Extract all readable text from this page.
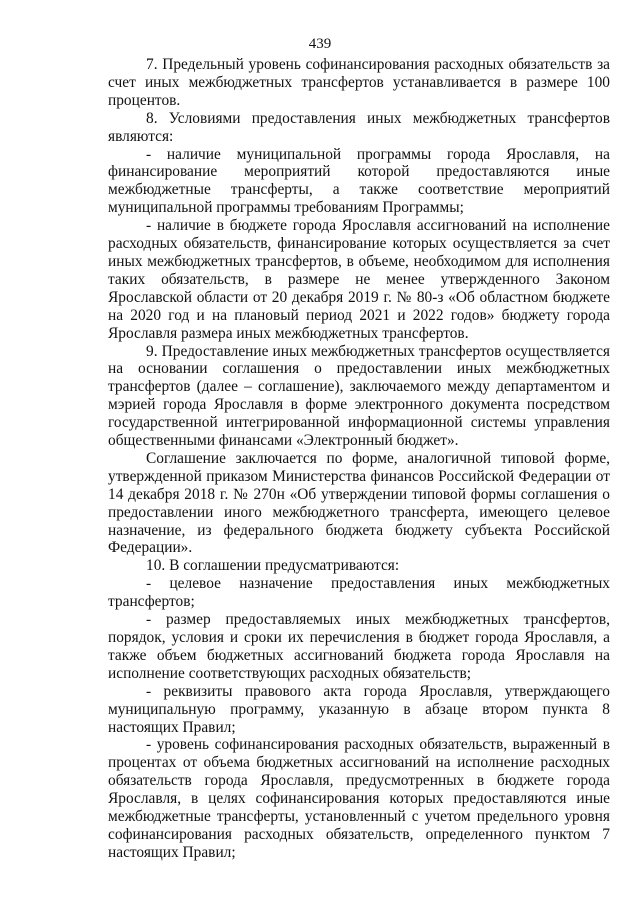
439

7. Предельный уровень софинансирования расходных обязательств за счет иных межбюджетных трансфертов устанавливается в размере 100 процентов.

8. Условиями предоставления иных межбюджетных трансфертов являются:

- наличие муниципальной программы города Ярославля, на финансирование мероприятий которой предоставляются иные межбюджетные трансферты, а также соответствие мероприятий муниципальной программы требованиям Программы;

- наличие в бюджете города Ярославля ассигнований на исполнение расходных обязательств, финансирование которых осуществляется за счет иных межбюджетных трансфертов, в объеме, необходимом для исполнения таких обязательств, в размере не менее утвержденного Законом Ярославской области от 20 декабря 2019 г. № 80-з «Об областном бюджете на 2020 год и на плановый период 2021 и 2022 годов» бюджету города Ярославля размера иных межбюджетных трансфертов.

9. Предоставление иных межбюджетных трансфертов осуществляется на основании соглашения о предоставлении иных межбюджетных трансфертов (далее – соглашение), заключаемого между департаментом и мэрией города Ярославля в форме электронного документа посредством государственной интегрированной информационной системы управления общественными финансами «Электронный бюджет».

Соглашение заключается по форме, аналогичной типовой форме, утвержденной приказом Министерства финансов Российской Федерации от 14 декабря 2018 г. № 270н «Об утверждении типовой формы соглашения о предоставлении иного межбюджетного трансферта, имеющего целевое назначение, из федерального бюджета бюджету субъекта Российской Федерации».

10. В соглашении предусматриваются:

- целевое назначение предоставления иных межбюджетных трансфертов;

- размер предоставляемых иных межбюджетных трансфертов, порядок, условия и сроки их перечисления в бюджет города Ярославля, а также объем бюджетных ассигнований бюджета города Ярославля на исполнение соответствующих расходных обязательств;

- реквизиты правового акта города Ярославля, утверждающего муниципальную программу, указанную в абзаце втором пункта 8 настоящих Правил;

- уровень софинансирования расходных обязательств, выраженный в процентах от объема бюджетных ассигнований на исполнение расходных обязательств города Ярославля, предусмотренных в бюджете города Ярославля, в целях софинансирования которых предоставляются иные межбюджетные трансферты, установленный с учетом предельного уровня софинансирования расходных обязательств, определенного пунктом 7 настоящих Правил;
